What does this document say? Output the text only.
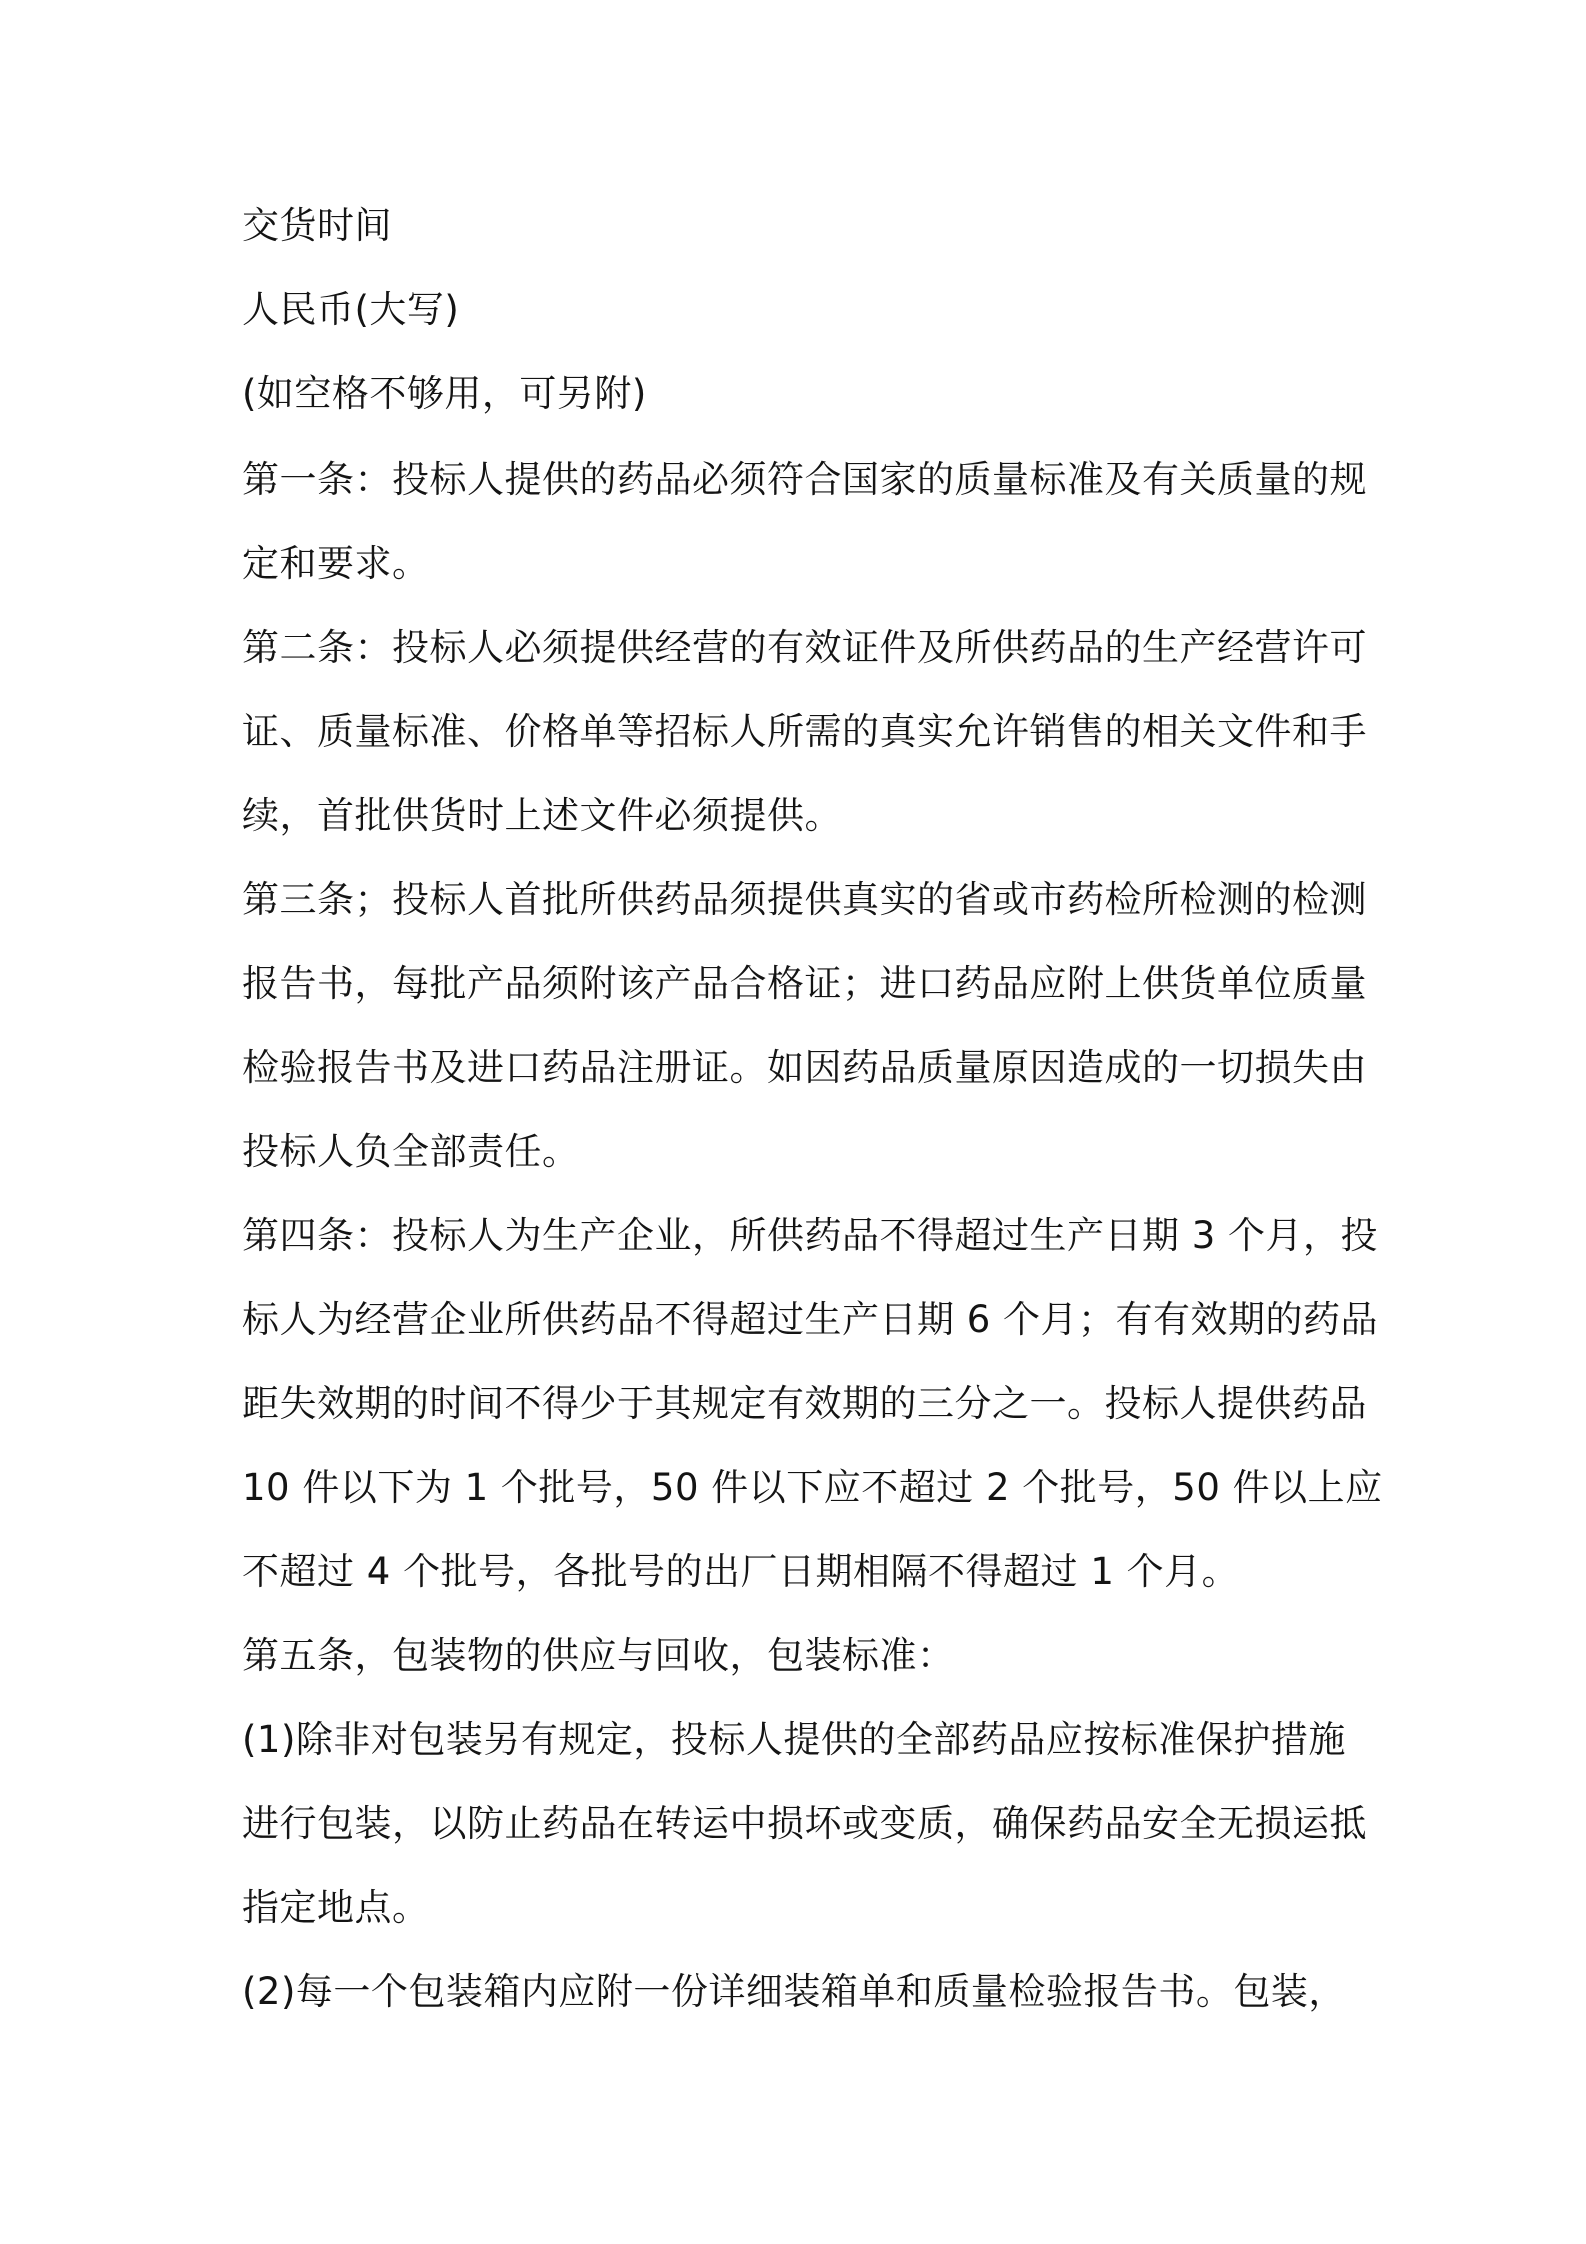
交货时间
人民币(大写)
(如空格不够用，可另附)
第一条：投标人提供的药品必须符合国家的质量标准及有关质量的规
定和要求。
第二条：投标人必须提供经营的有效证件及所供药品的生产经营许可
证、质量标准、价格单等招标人所需的真实允许销售的相关文件和手
续，首批供货时上述文件必须提供。
第三条；投标人首批所供药品须提供真实的省或市药检所检测的检测
报告书，每批产品须附该产品合格证；进口药品应附上供货单位质量
检验报告书及进口药品注册证。如因药品质量原因造成的一切损失由
投标人负全部责任。
第四条：投标人为生产企业，所供药品不得超过生产日期 3 个月，投
标人为经营企业所供药品不得超过生产日期 6 个月；有有效期的药品
距失效期的时间不得少于其规定有效期的三分之一。投标人提供药品
10 件以下为 1 个批号，50 件以下应不超过 2 个批号，50 件以上应
不超过 4 个批号，各批号的出厂日期相隔不得超过 1 个月。
第五条，包装物的供应与回收，包装标准：
(1)除非对包装另有规定，投标人提供的全部药品应按标准保护措施
进行包装，以防止药品在转运中损坏或变质，确保药品安全无损运抵
指定地点。
(2)每一个包装箱内应附一份详细装箱单和质量检验报告书。包装，
